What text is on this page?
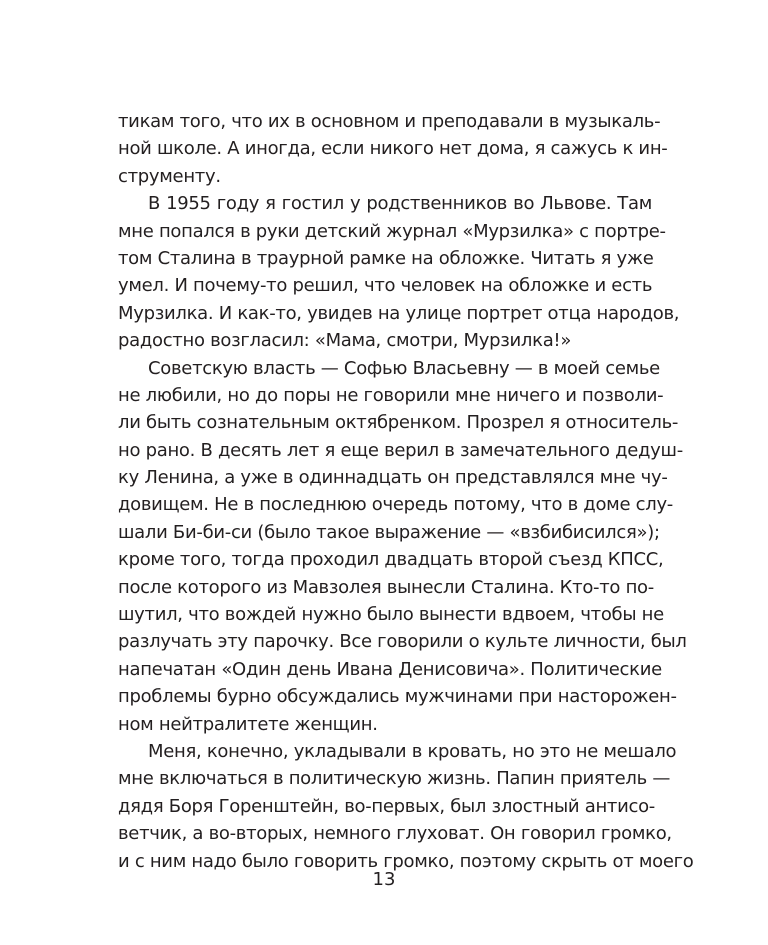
тикам того, что их в основном и преподавали в музыкаль-
ной школе. А иногда, если никого нет дома, я сажусь к ин-
струменту.
В 1955 году я гостил у родственников во Львове. Там
мне попался в руки детский журнал «Мурзилка» с портре-
том Сталина в траурной рамке на обложке. Читать я уже
умел. И почему-то решил, что человек на обложке и есть
Мурзилка. И как-то, увидев на улице портрет отца народов,
радостно возгласил: «Мама, смотри, Мурзилка!»
Советскую власть — Софью Власьевну — в моей семье
не любили, но до поры не говорили мне ничего и позволи-
ли быть сознательным октябренком. Прозрел я относитель-
но рано. В десять лет я еще верил в замечательного дедуш-
ку Ленина, а уже в одиннадцать он представлялся мне чу-
довищем. Не в последнюю очередь потому, что в доме слу-
шали Би-би-си (было такое выражение — «взбибисился»);
кроме того, тогда проходил двадцать второй съезд КПСС,
после которого из Мавзолея вынесли Сталина. Кто-то по-
шутил, что вождей нужно было вынести вдвоем, чтобы не
разлучать эту парочку. Все говорили о культе личности, был
напечатан «Один день Ивана Денисовича». Политические
проблемы бурно обсуждались мужчинами при насторожен-
ном нейтралитете женщин.
Меня, конечно, укладывали в кровать, но это не мешало
мне включаться в политическую жизнь. Папин приятель —
дядя Боря Горенштейн, во-первых, был злостный антисо-
ветчик, а во-вторых, немного глуховат. Он говорил громко,
и с ним надо было говорить громко, поэтому скрыть от моего
13
